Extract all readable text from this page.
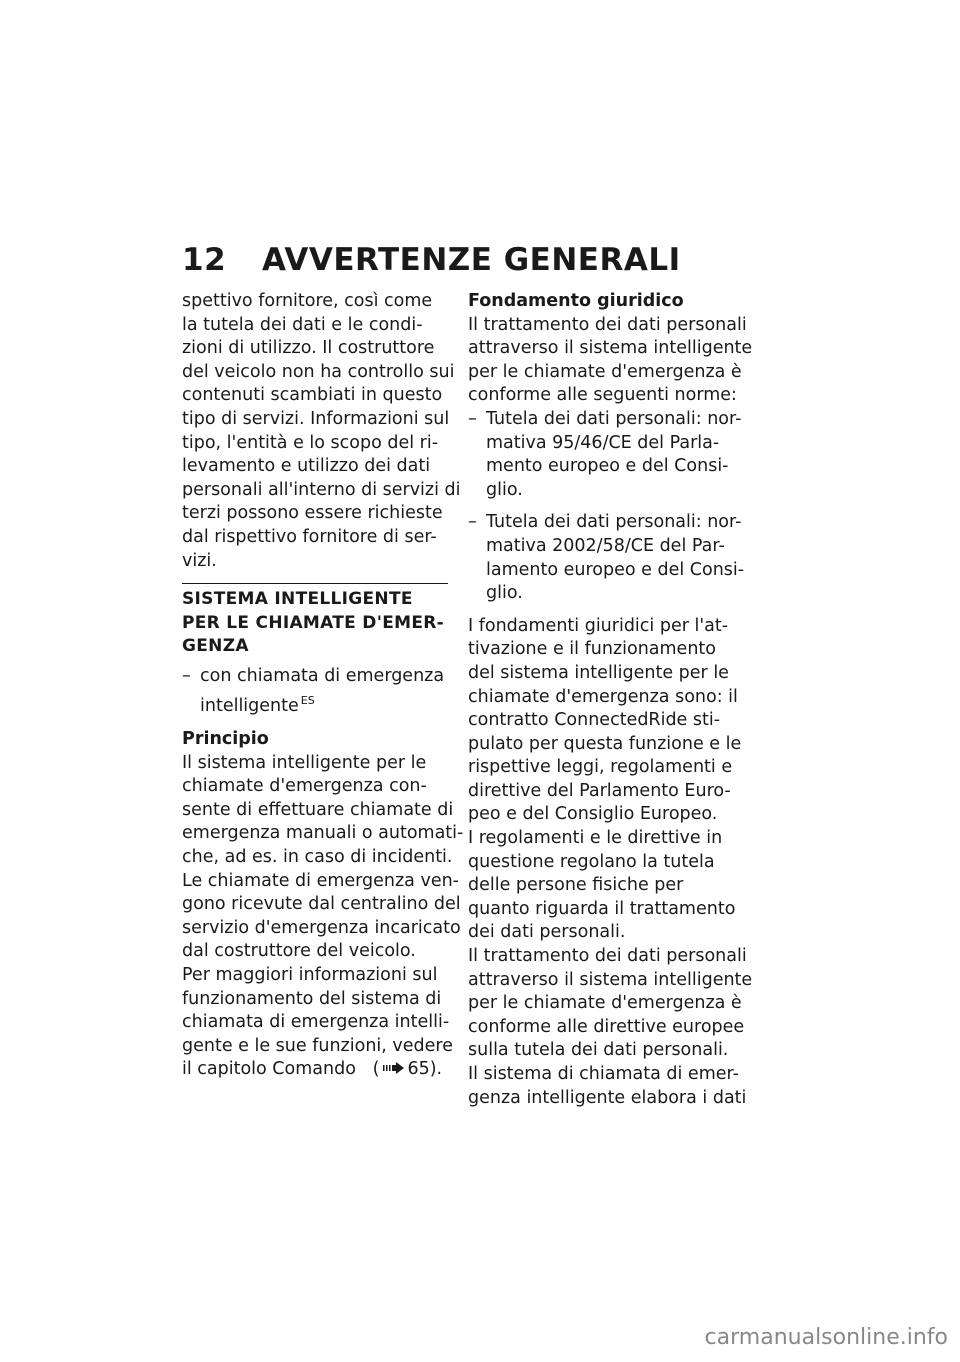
12 AVVERTENZE GENERALI
spettivo fornitore, così come
la tutela dei dati e le condi-
zioni di utilizzo. Il costruttore
del veicolo non ha controllo sui
contenuti scambiati in questo
tipo di servizi. Informazioni sul
tipo, l'entità e lo scopo del ri-
levamento e utilizzo dei dati
personali all'interno di servizi di
terzi possono essere richieste
dal rispettivo fornitore di ser-
vizi.
SISTEMA INTELLIGENTE
PER LE CHIAMATE D'EMER-
GENZA
– con chiamata di emergenza
intelligente $^{ES}$
Principio
Il sistema intelligente per le
chiamate d'emergenza con-
sente di effettuare chiamate di
emergenza manuali o automati-
che, ad es. in caso di incidenti.
Le chiamate di emergenza ven-
gono ricevute dal centralino del
servizio d'emergenza incaricato
dal costruttore del veicolo.
Per maggiori informazioni sul
funzionamento del sistema di
chiamata di emergenza intelli-
gente e le sue funzioni, vedere
il capitolo Comando ( 65).
Fondamento giuridico
Il trattamento dei dati personali
attraverso il sistema intelligente
per le chiamate d'emergenza è
conforme alle seguenti norme:
– Tutela dei dati personali: nor-
mativa 95/46/CE del Parla-
mento europeo e del Consi-
glio.
– Tutela dei dati personali: nor-
mativa 2002/58/CE del Par-
lamento europeo e del Consi-
glio.
I fondamenti giuridici per l'at-
tivazione e il funzionamento
del sistema intelligente per le
chiamate d'emergenza sono: il
contratto ConnectedRide sti-
pulato per questa funzione e le
rispettive leggi, regolamenti e
direttive del Parlamento Euro-
peo e del Consiglio Europeo.
I regolamenti e le direttive in
questione regolano la tutela
delle persone fisiche per
quanto riguarda il trattamento
dei dati personali.
Il trattamento dei dati personali
attraverso il sistema intelligente
per le chiamate d'emergenza è
conforme alle direttive europee
sulla tutela dei dati personali.
Il sistema di chiamata di emer-
genza intelligente elabora i dati
carmanualsonline.info
